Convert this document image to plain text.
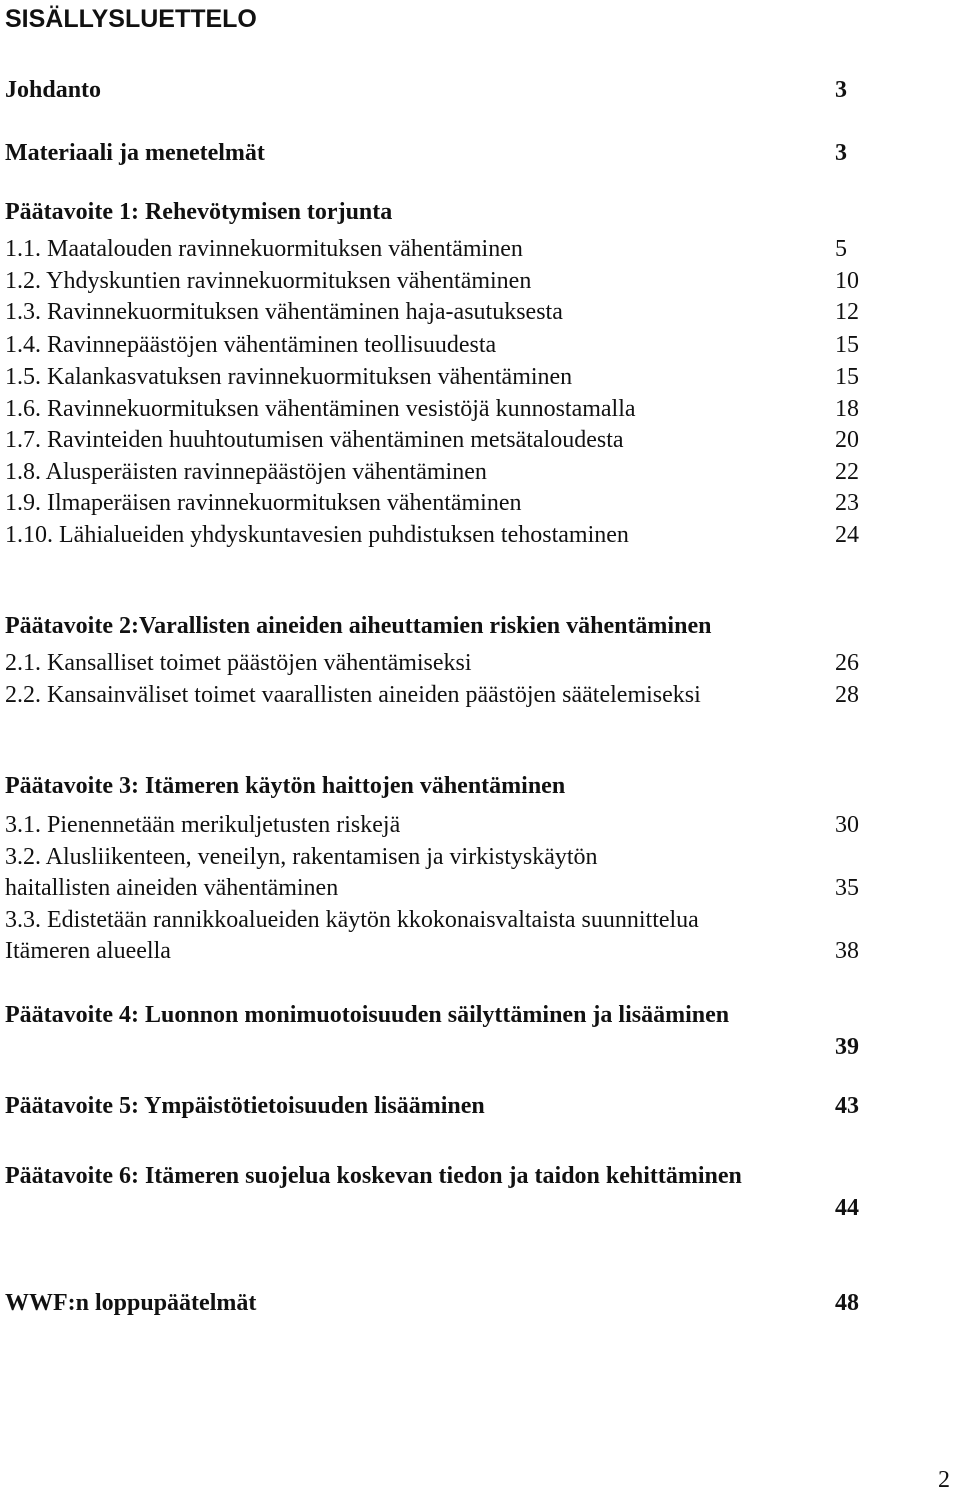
SISÄLLYSLUETTELO
Johdanto	3
Materiaali ja menetelmät	3
Päätavoite 1: Rehevötymisen torjunta
1.1. Maatalouden ravinnekuormituksen vähentäminen	5
1.2. Yhdyskuntien ravinnekuormituksen vähentäminen	10
1.3. Ravinnekuormituksen vähentäminen haja-asutuksesta	12
1.4. Ravinnepäästöjen vähentäminen teollisuudesta	15
1.5. Kalankasvatuksen ravinnekuormituksen vähentäminen	15
1.6. Ravinnekuormituksen vähentäminen vesistöjä kunnostamalla	18
1.7. Ravinteiden huuhtoutumisen vähentäminen metsätaloudesta	20
1.8. Alusperäisten ravinnepäästöjen vähentäminen	22
1.9. Ilmaperäisen ravinnekuormituksen vähentäminen	23
1.10. Lähialueiden yhdyskuntavesien puhdistuksen tehostaminen	24
Päätavoite 2:Varallisten aineiden aiheuttamien riskien vähentäminen
2.1. Kansalliset toimet päästöjen vähentämiseksi	26
2.2. Kansainväliset toimet vaarallisten aineiden päästöjen säätelemiseksi	28
Päätavoite 3: Itämeren käytön haittojen vähentäminen
3.1. Pienennetään merikuljetusten riskejä	30
3.2. Alusliikenteen, veneilyn, rakentamisen ja virkistyskäytön
haitallisten aineiden vähentäminen	35
3.3. Edistetään rannikkoalueiden käytön kkokonaisvaltaista suunnittelua
Itämeren alueella	38
Päätavoite 4: Luonnon monimuotoisuuden säilyttäminen ja lisääminen
39
Päätavoite 5: Ympäistötietoisuuden lisääminen	43
Päätavoite 6: Itämeren suojelua koskevan tiedon ja taidon kehittäminen
44
WWF:n loppupäätelmät	48
2
